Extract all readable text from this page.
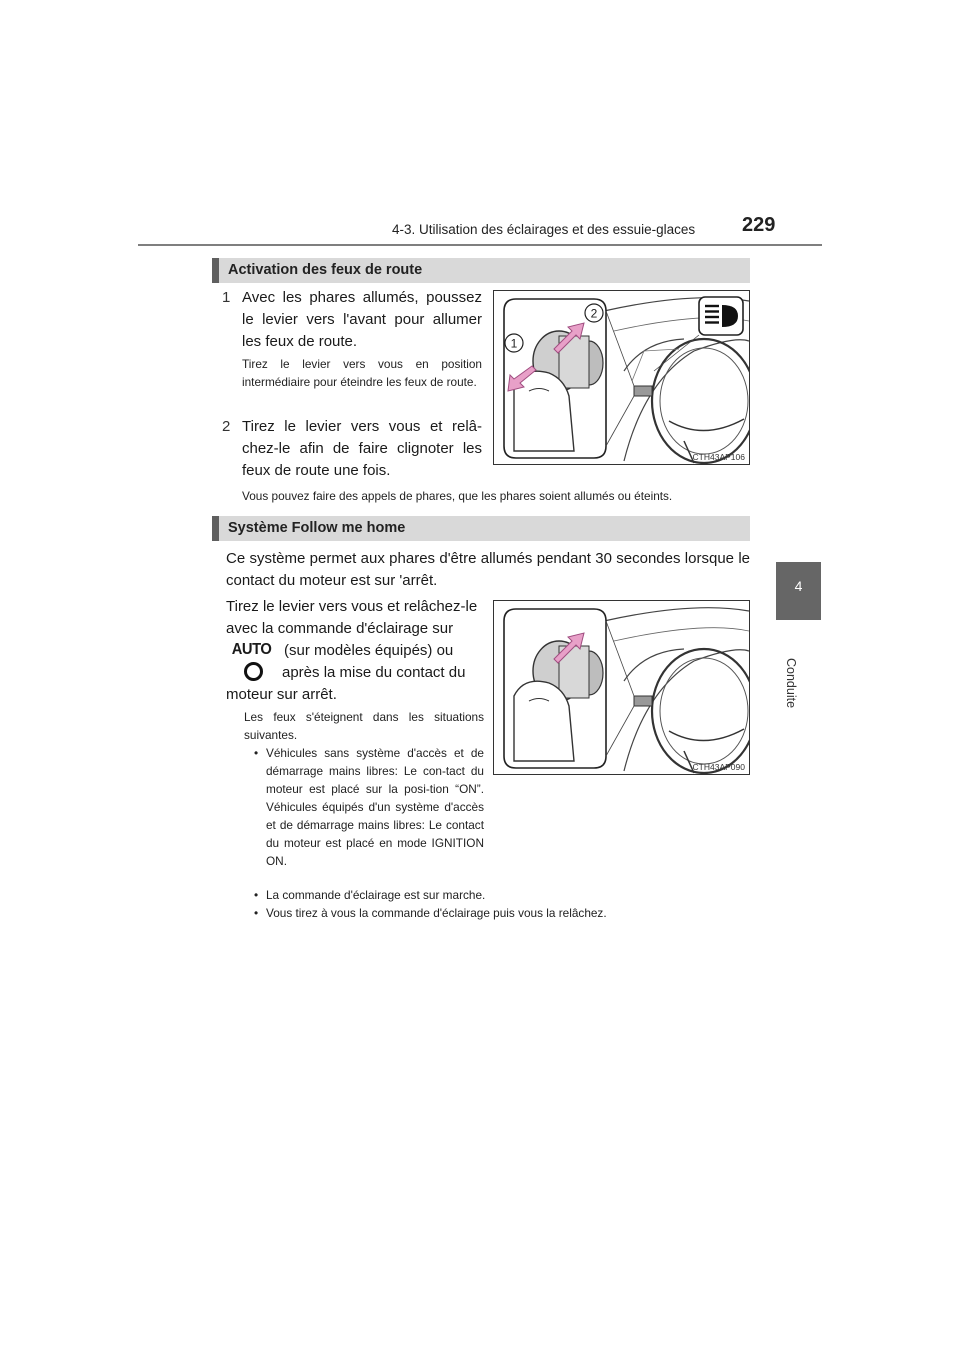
4-3. Utilisation des éclairages et des essuie-glaces 229
4
Conduite
Activation des feux de route
1 Avec les phares allumés, poussez le levier vers l'avant pour allumer les feux de route.
Tirez le levier vers vous en position intermédiaire pour éteindre les feux de route.
2 Tirez le levier vers vous et relâ-chez-le afin de faire clignoter les feux de route une fois.
Vous pouvez faire des appels de phares, que les phares soient allumés ou éteints.
2
1
CTH43AP106
Système Follow me home
Ce système permet aux phares d'être allumés pendant 30 secondes lorsque le contact du moteur est sur 'arrêt.
Tirez le levier vers vous et relâchez-le
avec la commande d'éclairage sur
AUTO (sur modèles équipés) ou
après la mise du contact du
moteur sur arrêt.
Les feux s'éteignent dans les situations suivantes.
• Véhicules sans système d'accès et de démarrage mains libres: Le con-tact du moteur est placé sur la posi-tion “ON”. Véhicules équipés d'un système d'accès et de démarrage mains libres: Le contact du moteur est placé en mode IGNITION ON.
• La commande d'éclairage est sur marche.
• Vous tirez à vous la commande d'éclairage puis vous la relâchez.
CTH43AP090
